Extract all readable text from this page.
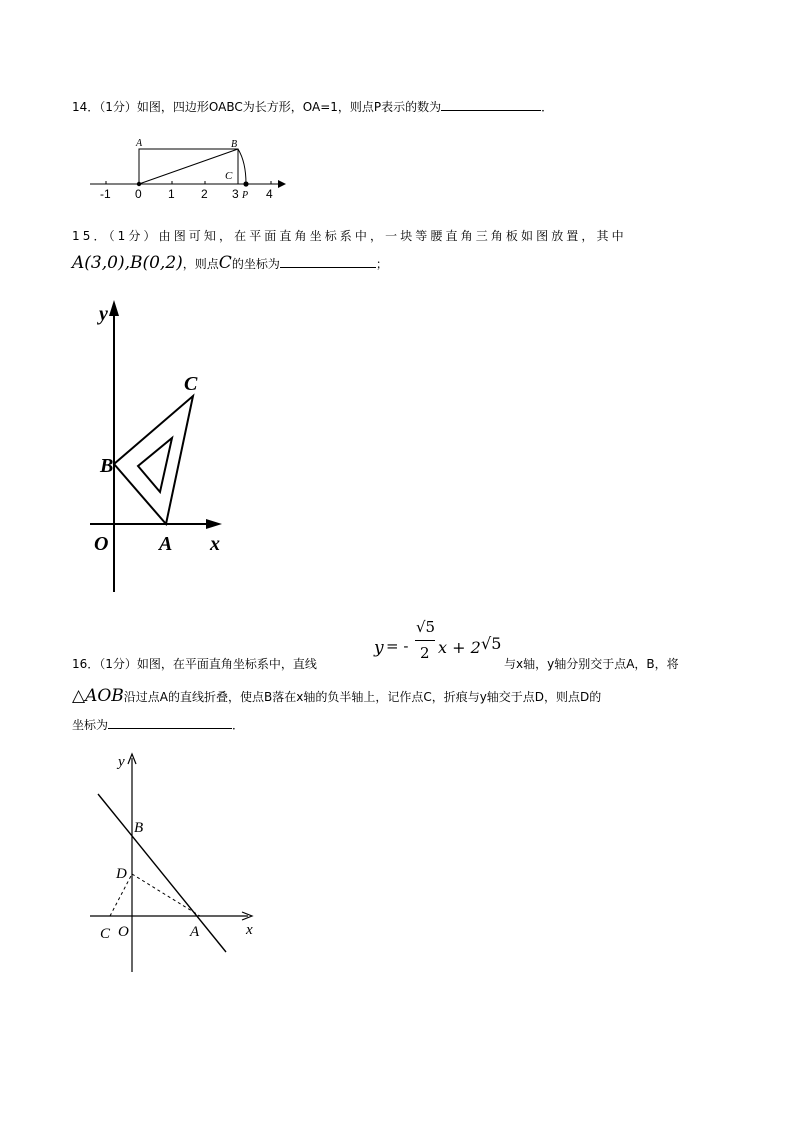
14．（1分）如图，四边形OABC为长方形，OA=1，则点P表示的数为	．
A	B
C
P
-1 0 1 2 3 4
15．（1分）由图可知，在平面直角坐标系中，一块等腰直角三角板如图放置，其中
A(3,0),B(0,2)，则点C的坐标为	；
y
x
B
C
O	A
16．（1分）如图，在平面直角坐标系中，直线
y = -
√5
2 x + 2 √5
与x轴，y轴分别交于点A，B，将
△AOB沿过点A的直线折叠，使点B落在x轴的负半轴上，记作点C，折痕与y轴交于点D，则点D的
坐标为	．
y
x
B
D
C O	A
